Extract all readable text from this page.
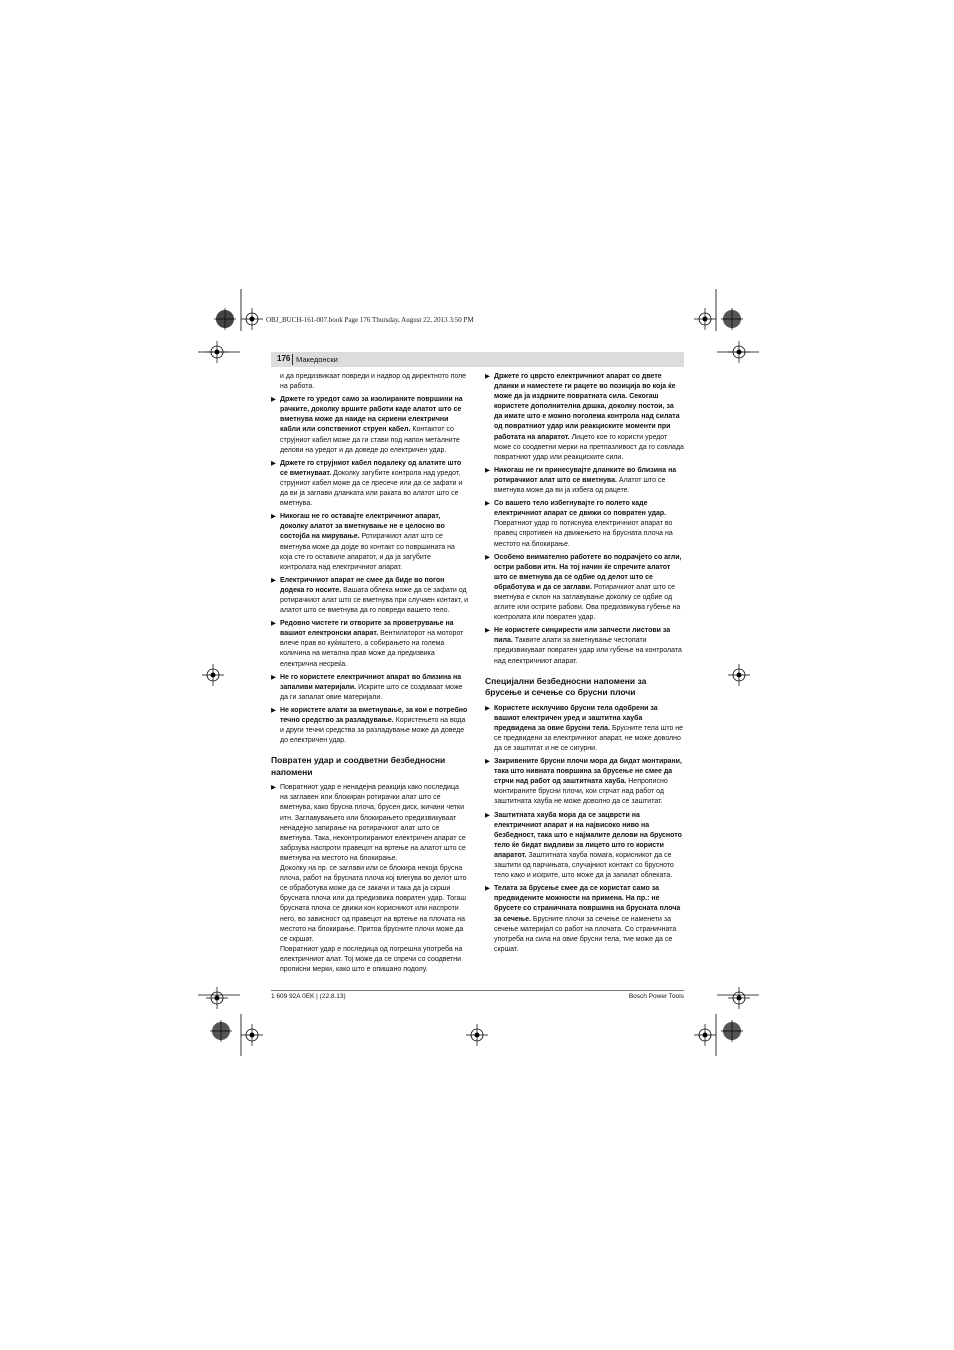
OBJ_BUCH-161-007.book Page 176 Thursday, August 22, 2013 3:50 PM
176 Македонски

и да предизвикаат повреди и надвор од директното поле на работа.

▶ Држете го уредот само за изолираните површини на рачките, доколку вршите работи каде алатот што се вметнува може да наиде на скриени електрични кабли или сопствениот струен кабел. Контактот со струјниот кабел може да ги стави под напон металните делови на уредот и да доведе до електричен удар.
▶ Држете го струјниот кабел подалеку од алатите што се вметнуваат. Доколку загубите контрола над уредот, струјниот кабел може да се пресече или да се зафати и да ви ја заглави дланката или раката во алатот што се вметнува.
▶ Никогаш не го оставајте електричниот апарат, доколку алатот за вметнување не е целосно во состојба на мирување. Ротирачкиот алат што се вметнува може да дојде во контакт со површината на која сте го оставиле апаратот, и да ја загубите контролата над електричниот апарат.
▶ Електричниот апарат не смее да биде во погон додека го носите. Вашата облека може да се зафати од ротирачкиот алат што се вметнува при случаен контакт, и алатот што се вметнува да го повреди вашето тело.
▶ Редовно чистете ги отворите за проветрување на вашиот електронски апарат. Вентилаторот на моторот влече прав во куќиштето, а собирањето на голема количина на метална прав може да предизвика електрична несреќа.
▶ Не го користете електричниот апарат во близина на запаливи материјали. Искрите што се создаваат може да ги запалат овие материјали.
▶ Не користете алати за вметнување, за кои е потребно течно средство за разладување. Користењето на вода и други течни средства за разладување може да доведе до електричен удар.
Повратен удар и соодветни безбедносни напомени
▶ Повратниот удар е ненадејна реакција како последица на заглавен или блокиран ротирачки алат што се вметнува, како брусна плоча, брусен диск, жичани четки итн. Заглавувањето или блокирањето предизвикуваат ненадејно запирање на ротирачкиот алат што се вметнува. Така, неконтролираниот електричен апарат се забрзува наспроти правецот на вртење на алатот што се вметнува на местото на блокирање.

Доколку на пр. се заглави или се блокира некоја брусна плоча, работ на брусната плоча кој влегува во делот што се обработува може да се закачи и така да ја скрши брусната плоча или да предизвика повратен удар. Тогаш брусната плоча се движи кон корисникот или наспроти него, во зависност од правецот на вртење на плочата на местото на блокирање. Притоа брусните плочи може да се скршат.

Повратниот удар е последица од погрешна употреба на електричниот алат. Тој може да се спречи со соодветни прописни мерки, како што е опишано подолу.

▶ Држете го цврсто електричниот апарат со двете дланки и наместете ги рацете во позиција во која ќе може да ја издржите повратната сила. Секогаш користете дополнителна дршка, доколку постои, за да имате што е можно поголема контрола над силата од повратниот удар или реакциските моменти при работата на апаратот. Лицето кое го користи уредот може со соодветни мерки на претпазливост да го совлада повратниот удар или реакциските сили.
▶ Никогаш не ги принесувајте дланките во близина на ротирачкиот алат што се вметнува. Алатот што се вметнува може да ви ја избега од рацете.
▶ Со вашето тело избегнувајте го полето каде електричниот апарат се движи со повратен удар. Повратниот удар го потиснува електричниот апарат во правец спротивен на движењето на брусната плоча на местото на блокирање.
▶ Особено внимателно работете во подрачјето со агли, остри рабови итн. На тој начин ќе спречите алатот што се вметнува да се одбие од делот што се обработува и да се заглави. Ротирачкиот алат што се вметнува е склон на заглавување доколку се одбие од аглите или острите рабови. Ова предизвикува губење на контролата или повратен удар.
▶ Не користете синџирести или запчести листови за пила. Таквите алати за вметнување честопати предизвикуваат повратен удар или губење на контролата над електричниот апарат.
Специјални безбедносни напомени за брусење и сечење со брусни плочи
▶ Користете исклучиво брусни тела одобрени за вашиот електричен уред и заштитна хауба предвидена за овие брусни тела. Брусните тела што не се предвидени за електричниот апарат, не може доволно да се заштитат и не се сигурни.
▶ Закривените брусни плочи мора да бидат монтирани, така што нивната површина за брусење не смее да стрчи над работ од заштитната хауба. Непрописно монтираните брусни плочи, кои стрчат над работ од заштитната хауба не може доволно да се заштитат.
▶ Заштитната хауба мора да се зацврсти на електричниот апарат и на највисоко ниво на безбедност, така што е најмалите делови на брусното тело ќе бидат видливи за лицето што го користи апаратот. Заштитната хауба помага, корисникот да се заштити од парчињата, случајниот контакт со брусното тело како и искрите, што може да ја запалат облеката.
▶ Телата за брусење смее да се користат само за предвидените можности на примена. На пр.: не брусете со страничната површина на брусната плоча за сечење. Брусните плочи за сечење се наменети за сечење материјал со работ на плочата. Со страничната употреба на сила на овие брусни тела, тие може да се скршат.
1 609 92A 0EK | (22.8.13)	Bosch Power Tools
